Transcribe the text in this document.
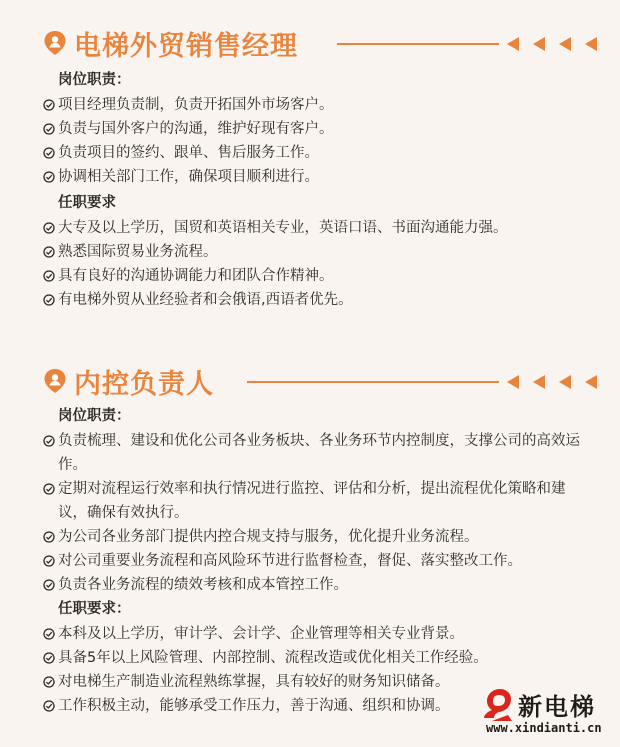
电梯外贸销售经理
岗位职责：
项目经理负责制，负责开拓国外市场客户。
负责与国外客户的沟通，维护好现有客户。
负责项目的签约、跟单、售后服务工作。
协调相关部门工作，确保项目顺利进行。
任职要求
大专及以上学历，国贸和英语相关专业，英语口语、书面沟通能力强。
熟悉国际贸易业务流程。
具有良好的沟通协调能力和团队合作精神。
有电梯外贸从业经验者和会俄语,西语者优先。
内控负责人
岗位职责：
负责梳理、建设和优化公司各业务板块、各业务环节内控制度，支撑公司的高效运作。
定期对流程运行效率和执行情况进行监控、评估和分析，提出流程优化策略和建议，确保有效执行。
为公司各业务部门提供内控合规支持与服务，优化提升业务流程。
对公司重要业务流程和高风险环节进行监督检查，督促、落实整改工作。
负责各业务流程的绩效考核和成本管控工作。
任职要求：
本科及以上学历，审计学、会计学、企业管理等相关专业背景。
具备5年以上风险管理、内部控制、流程改造或优化相关工作经验。
对电梯生产制造业流程熟练掌握，具有较好的财务知识储备。
工作积极主动，能够承受工作压力，善于沟通、组织和协调。	新电梯
www.xindianti.cn
